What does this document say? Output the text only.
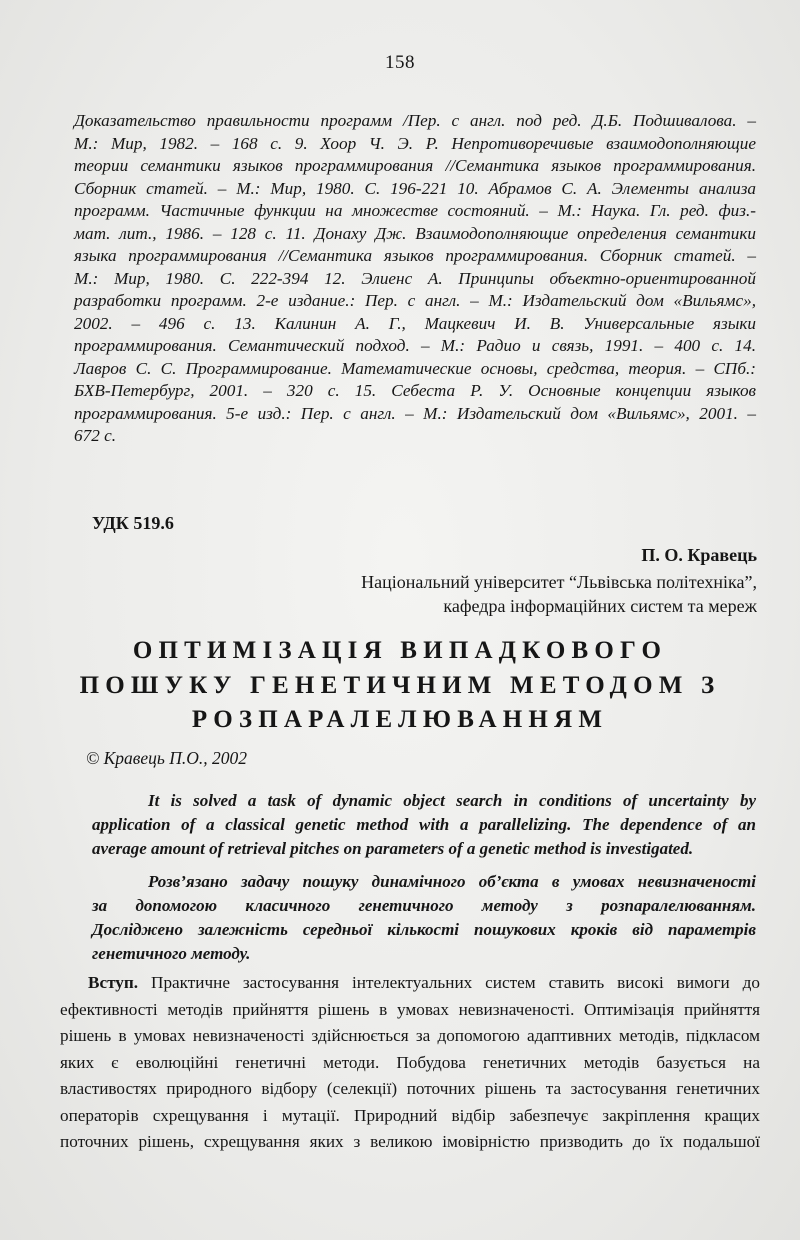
158
Доказательство правильности программ /Пер. с англ. под ред. Д.Б. Подшивалова. –
М.: Мир, 1982. – 168 с. 9. Хоор Ч. Э. Р. Непротиворечивые взаимодополняющие
теории семантики языков программирования //Семантика языков программирования.
Сборник статей. – М.: Мир, 1980. С. 196-221 10. Абрамов С. А. Элементы анализа
программ. Частичные функции на множестве состояний. – М.: Наука. Гл. ред. физ.-
мат. лит., 1986. – 128 с. 11. Донаху Дж. Взаимодополняющие определения семантики
языка программирования //Семантика языков программирования. Сборник статей. –
М.: Мир, 1980. С. 222-394 12. Элиенс А. Принципы объектно-ориентированной
разработки программ. 2-е издание.: Пер. с англ. – М.: Издательский дом «Вильямс»,
2002. – 496 с. 13. Калинин А. Г., Мацкевич И. В. Универсальные языки
программирования. Семантический подход. – М.: Радио и связь, 1991. – 400 с. 14.
Лавров С. С. Программирование. Математические основы, средства, теория. – СПб.:
БХВ-Петербург, 2001. – 320 с. 15. Себеста Р. У. Основные концепции языков
программирования. 5-е изд.: Пер. с англ. – М.: Издательский дом «Вильямс», 2001. –
672 с.
УДК 519.6
П. О. Кравець
Національний університет “Львівська політехніка”,
кафедра інформаційних систем та мереж
ОПТИМІЗАЦІЯ ВИПАДКОВОГО
ПОШУКУ ГЕНЕТИЧНИМ МЕТОДОМ З
РОЗПАРАЛЕЛЮВАННЯМ
© Кравець П.О., 2002
It is solved a task of dynamic object search in conditions of uncertainty by
application of a classical genetic method with a parallelizing. The dependence of an
average amount of retrieval pitches on parameters of a genetic method is investigated.
Розв’язано задачу пошуку динамічного об’єкта в умовах невизначеності
за допомогою класичного генетичного методу з розпаралелюванням.
Досліджено залежність середньої кількості пошукових кроків від параметрів
генетичного методу.
Вступ. Практичне застосування інтелектуальних систем ставить високі вимоги до
ефективності методів прийняття рішень в умовах невизначеності. Оптимізація прийняття
рішень в умовах невизначеності здійснюється за допомогою адаптивних методів, підкласом
яких є еволюційні генетичні методи. Побудова генетичних методів базується на
властивостях природного відбору (селекції) поточних рішень та застосування генетичних
операторів схрещування і мутації. Природний відбір забезпечує закріплення кращих
поточних рішень, схрещування яких з великою імовірністю призводить до їх подальшої
